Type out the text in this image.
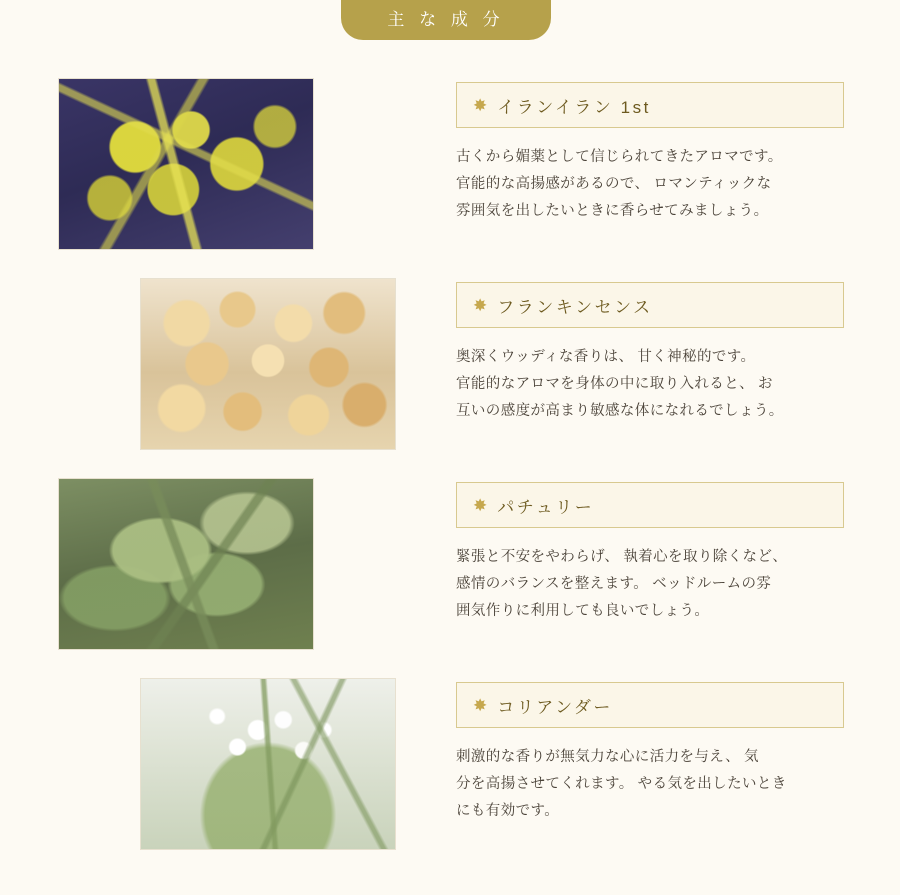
主 な 成 分
✸ イランイラン 1st
古くから媚薬として信じられてきたアロマです。
官能的な高揚感があるので、 ロマンティックな
雰囲気を出したいときに香らせてみましょう。
✸ フランキンセンス
奥深くウッディな香りは、 甘く神秘的です。
官能的なアロマを身体の中に取り入れると、 お
互いの感度が高まり敏感な体になれるでしょう。
✸ パチュリー
緊張と不安をやわらげ、 執着心を取り除くなど、
感情のバランスを整えます。 ベッドルームの雰
囲気作りに利用しても良いでしょう。
✸ コリアンダー
刺激的な香りが無気力な心に活力を与え、 気
分を高揚させてくれます。 やる気を出したいとき
にも有効です。
